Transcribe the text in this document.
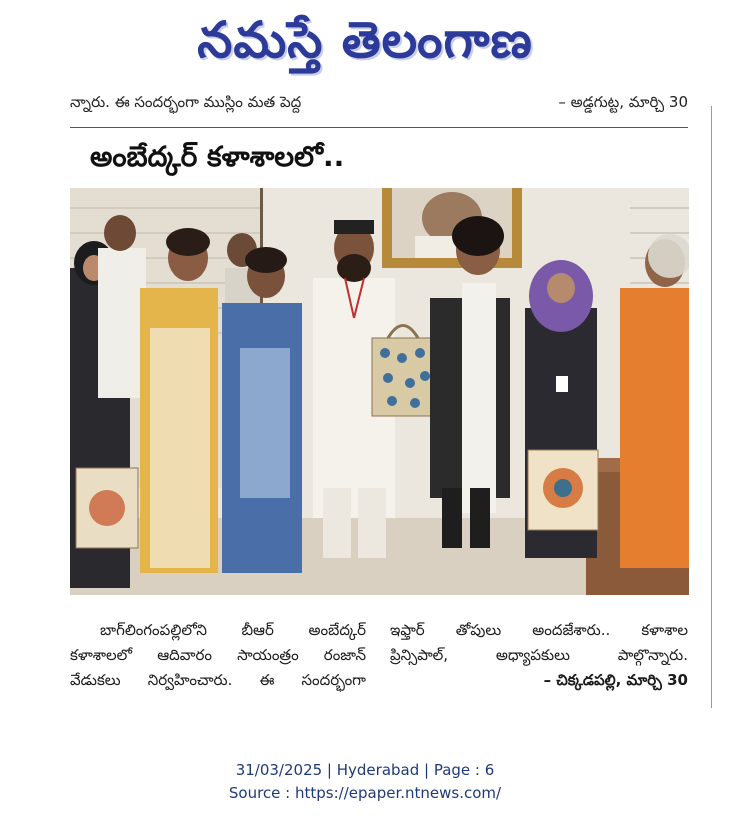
నమస్తే తెలంగాణ
న్నారు. ఈ సందర్భంగా ముస్లిం మత పెద్ద	– అడ్డగుట్ట, మార్చి 30
అంబేద్కర్ కళాశాలలో..

బాగ్‌లింగంపల్లిలోని బీఆర్ అంబేద్కర్

కళాశాలలో ఆదివారం సాయంత్రం రంజాన్

వేడుకలు నిర్వహించారు. ఈ సందర్భంగా

ఇఫ్తార్ తోపులు అందజేశారు.. కళాశాల

ప్రిన్సిపాల్, అధ్యాపకులు పాల్గొన్నారు.

– చిక్కడపల్లి, మార్చి 30

31/03/2025 | Hyderabad | Page : 6
Source : https://epaper.ntnews.com/
